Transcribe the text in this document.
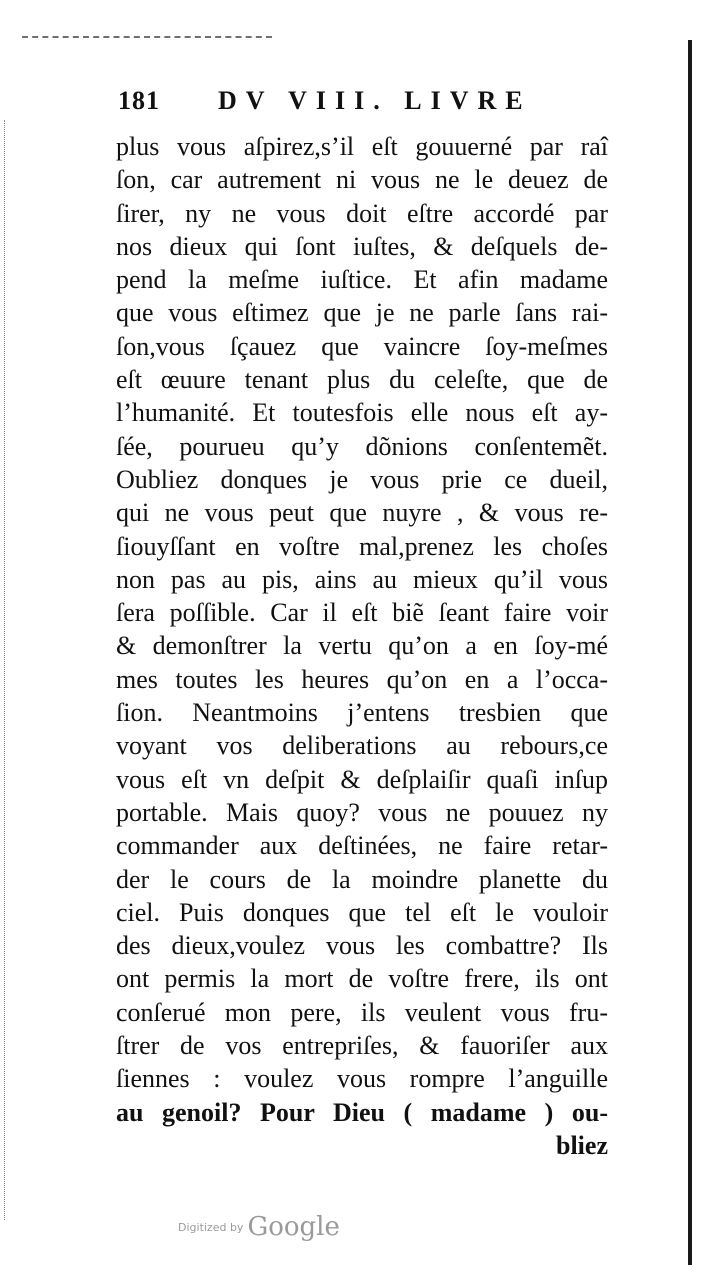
181 DV VIII. LIVRE
plus vous aſpirez,s’il eſt gouuerné par raî
ſon, car autrement ni vous ne le deuez de
ſirer, ny ne vous doit eſtre accordé par
nos dieux qui ſont iuſtes, & deſquels de-
pend la meſme iuſtice. Et afin madame
que vous eſtimez que je ne parle ſans rai-
ſon,vous ſçauez que vaincre ſoy-meſmes
eſt œuure tenant plus du celeſte, que de
l’humanité. Et toutesfois elle nous eſt ay-
ſée, pourueu qu’y dõnions conſentemẽt.
Oubliez donques je vous prie ce dueil,
qui ne vous peut que nuyre , & vous re-
ſiouyſſant en voſtre mal,prenez les choſes
non pas au pis, ains au mieux qu’il vous
ſera poſſible. Car il eſt biẽ ſeant faire voir
& demonſtrer la vertu qu’on a en ſoy-mé
mes toutes les heures qu’on en a l’occa-
ſion. Neantmoins j’entens tresbien que
voyant vos deliberations au rebours,ce
vous eſt vn deſpit & deſplaiſir quaſi inſup
portable. Mais quoy? vous ne pouuez ny
commander aux deſtinées, ne faire retar-
der le cours de la moindre planette du
ciel. Puis donques que tel eſt le vouloir
des dieux,voulez vous les combattre? Ils
ont permis la mort de voſtre frere, ils ont
conſerué mon pere, ils veulent vous fru-
ſtrer de vos entrepriſes, & fauoriſer aux
ſiennes : voulez vous rompre l’anguille
au genoil? Pour Dieu ( madame ) ou-
bliez
$^{Digitized by}$ Google
